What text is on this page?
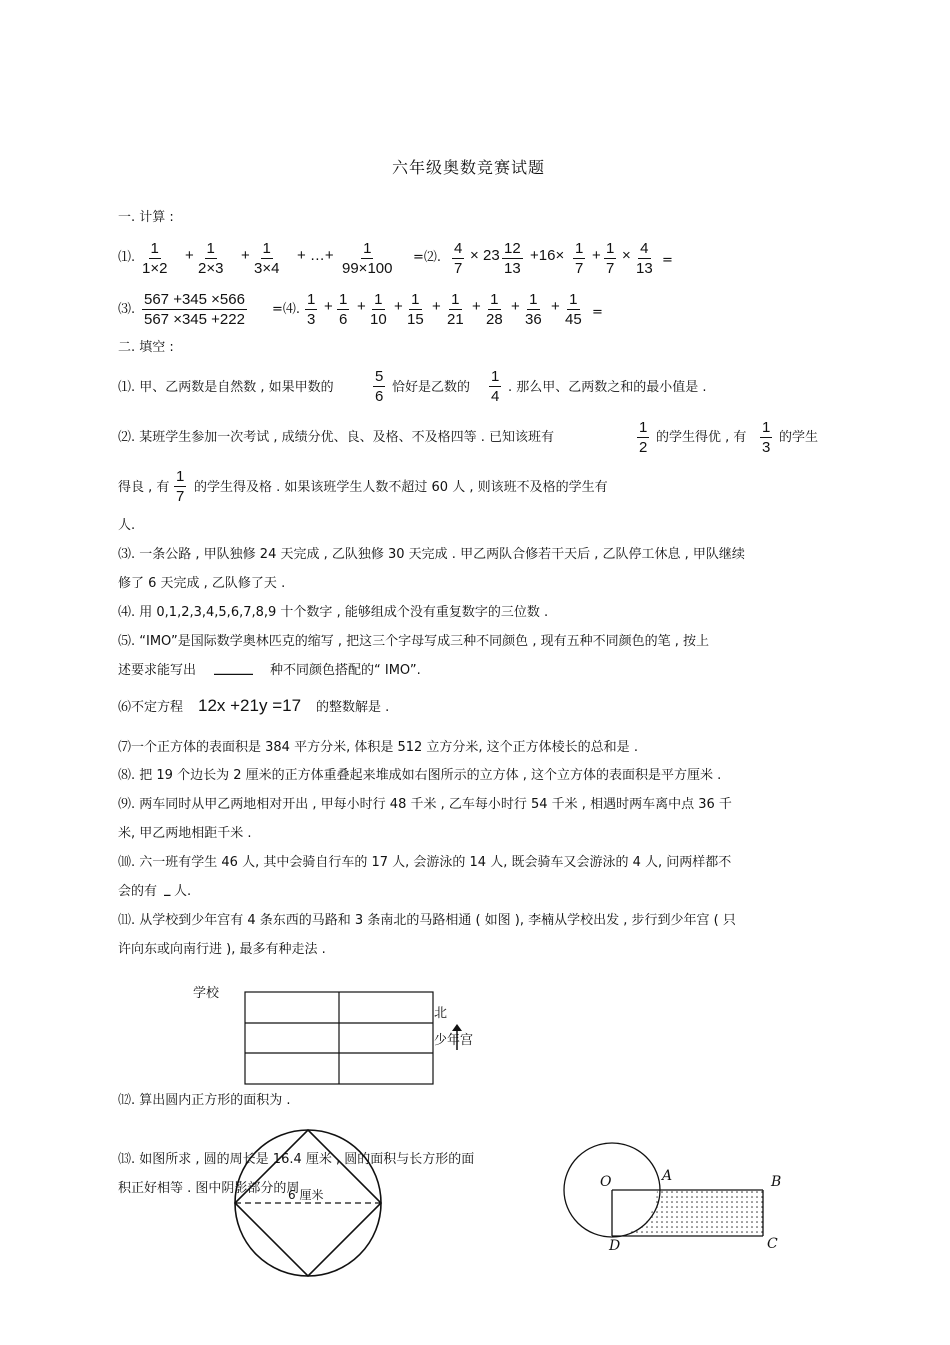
六年级奥数竞赛试题
一. 计算 :
⑴. $\frac{1}{1\times 2} + \frac{1}{2\times 3} + \frac{1}{3\times 4}$ + …+ $\frac{1}{99\times 100}$ =⑵. $\frac{4}{7} \times 23 \frac{12}{13} +16\times \frac{1}{7} + \frac{1}{7} \times \frac{4}{13}$ =
⑶. $\frac{567 +345 \times 566}{567 \times 345 +222}$ =⑷. $\frac{1}{3} + \frac{1}{6} + \frac{1}{10} + \frac{1}{15} + \frac{1}{21} + \frac{1}{28} + \frac{1}{36} + \frac{1}{45}$ =
二. 填空 :
⑴. 甲、乙两数是自然数 , 如果甲数的	$\frac{5}{6}$ 恰好是乙数的 $\frac{1}{4}$ . 那么甲、乙两数之和的最小值是 .
⑵. 某班学生参加一次考试 , 成绩分优、良、及格、不及格四等 . 已知该班有	$\frac{1}{2}$ 的学生得优 , 有 $\frac{1}{3}$ 的学生
得良 , 有 $\frac{1}{7}$ 的学生得及格 . 如果该班学生人数不超过 60 人 , 则该班不及格的学生有
人.
⑶. 一条公路 , 甲队独修 24 天完成 , 乙队独修 30 天完成 . 甲乙两队合修若干天后 , 乙队停工休息 , 甲队继续
修了 6 天完成 , 乙队修了天 .
⑷. 用 0,1,2,3,4,5,6,7,8,9 十个数字 , 能够组成个没有重复数字的三位数 .
⑸. “IMO”是国际数学奥林匹克的缩写 , 把这三个字母写成三种不同颜色 , 现有五种不同颜色的笔 , 按上
述要求能写出 ______ 种不同颜色搭配的“ IMO”.
⑹不定方程 12x +21y =17 的整数解是 .
⑺一个正方体的表面积是 384 平方分米, 体积是 512 立方分米, 这个正方体棱长的总和是 .
⑻. 把 19 个边长为 2 厘米的正方体重叠起来堆成如右图所示的立方体 , 这个立方体的表面积是平方厘米 .
⑼. 两车同时从甲乙两地相对开出 , 甲每小时行 48 千米 , 乙车每小时行 54 千米 , 相遇时两车离中点 36 千
米, 甲乙两地相距千米 .
⑽. 六一班有学生 46 人, 其中会骑自行车的 17 人, 会游泳的 14 人, 既会骑车又会游泳的 4 人, 问两样都不
会的有 _ 人.
⑾. 从学校到少年宫有 4 条东西的马路和 3 条南北的马路相通 ( 如图 ), 李楠从学校出发 , 步行到少年宫 ( 只
许向东或向南行进 ), 最多有种走法 .
学校
北
少年宫
⑿. 算出圆内正方形的面积为 .
6 厘米
⒀. 如图所求 , 圆的周长是 16.4 厘米 , 圆的面积与长方形的面
积正好相等 . 图中阴影部分的周	O	A	B
C
D
